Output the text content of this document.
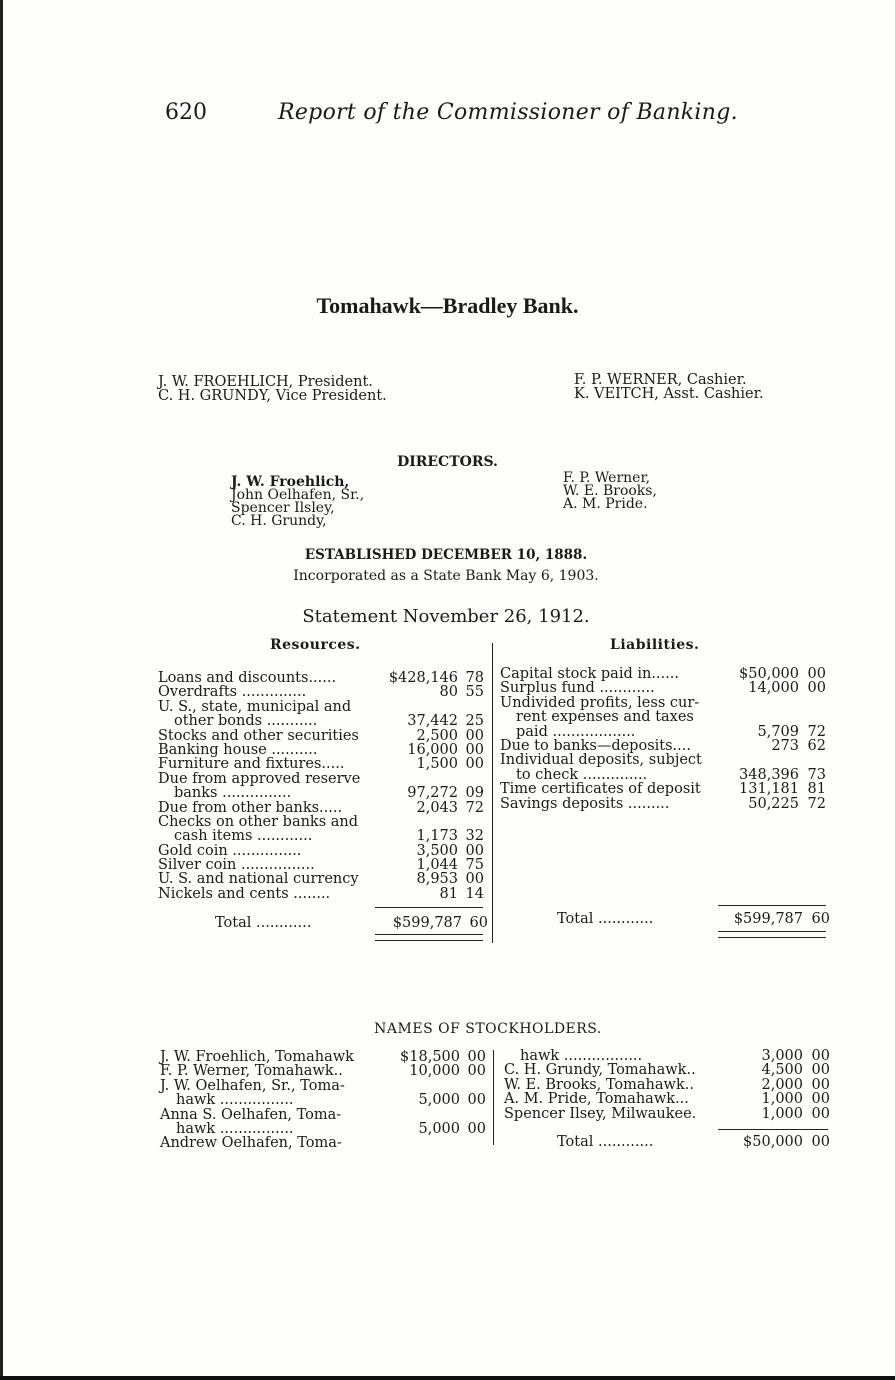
620	Report of the Commissioner of Banking.
Tomahawk—Bradley Bank.
J. W. FROEHLICH, President.
C. H. GRUNDY, Vice President.
F. P. WERNER, Cashier.
K. VEITCH, Asst. Cashier.
DIRECTORS.
J. W. Froehlich,
John Oelhafen, Sr.,
Spencer Ilsley,
C. H. Grundy,
F. P. Werner,
W. E. Brooks,
A. M. Pride.
ESTABLISHED DECEMBER 10, 1888.
Incorporated as a State Bank May 6, 1903.
Statement November 26, 1912.
Resources.	Liabilities.
Loans and discounts......	$428,146 78
Overdrafts ..............	80 55
U. S., state, municipal and
other bonds ...........	37,442 25
Stocks and other securities	2,500 00
Banking house ..........	16,000 00
Furniture and fixtures.....	1,500 00
Due from approved reserve
banks ...............	97,272 09
Due from other banks.....	2,043 72
Checks on other banks and
cash items ............	1,173 32
Gold coin ...............	3,500 00
Silver coin ................	1,044 75
U. S. and national currency	8,953 00
Nickels and cents ........	81 14
Total ............	$599,787 60
Capital stock paid in......	$50,000 00
Surplus fund ............	14,000 00
Undivided profits, less cur-
rent expenses and taxes
paid ..................	5,709 72
Due to banks—deposits....	273 62
Individual deposits, subject
to check ..............	348,396 73
Time certificates of deposit	131,181 81
Savings deposits .........	50,225 72
Total ............	$599,787 60
NAMES OF STOCKHOLDERS.
J. W. Froehlich, Tomahawk	$18,500 00
F. P. Werner, Tomahawk..	10,000 00
J. W. Oelhafen, Sr., Toma-
hawk ................	5,000 00
Anna S. Oelhafen, Toma-
hawk ................	5,000 00
Andrew Oelhafen, Toma-
hawk .................	3,000 00
C. H. Grundy, Tomahawk..	4,500 00
W. E. Brooks, Tomahawk..	2,000 00
A. M. Pride, Tomahawk...	1,000 00
Spencer Ilsey, Milwaukee.	1,000 00
Total ............	$50,000 00
